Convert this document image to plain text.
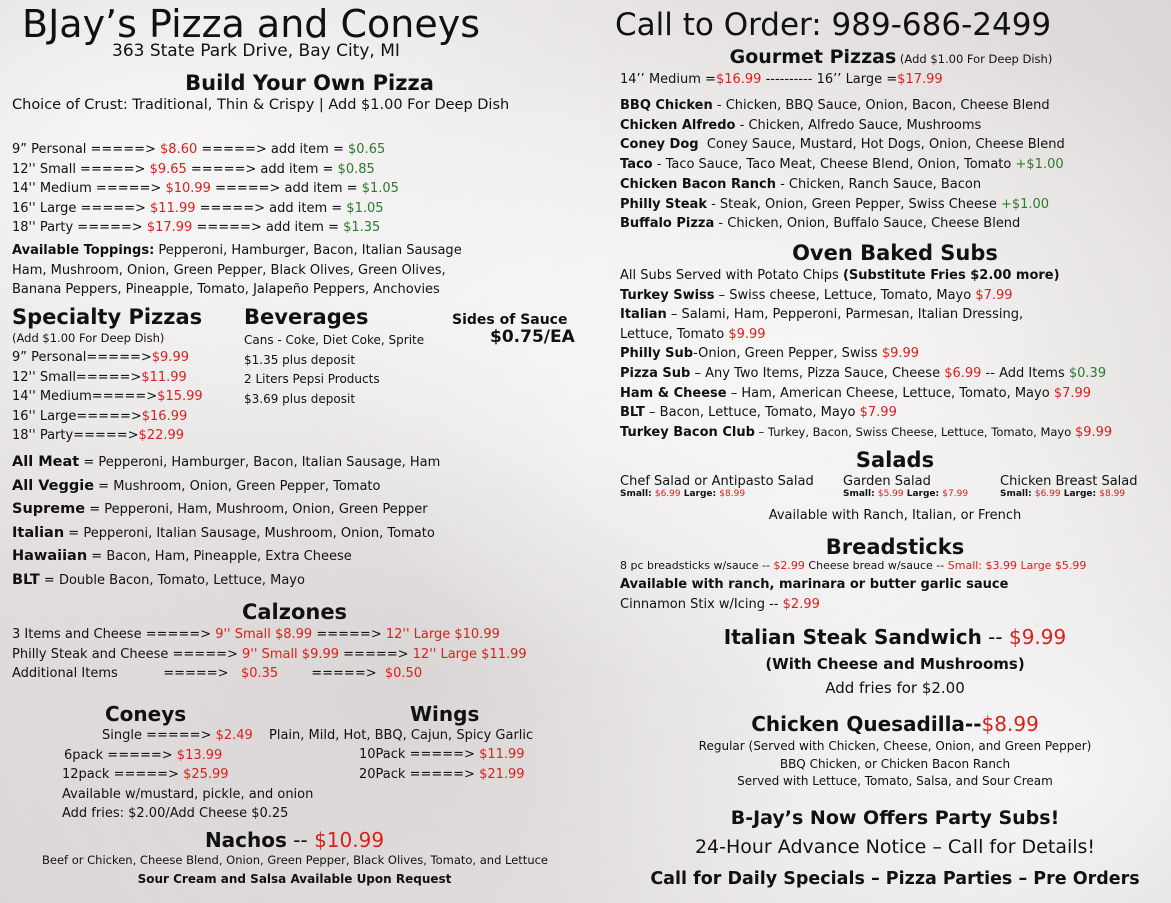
BJay’s Pizza and Coneys
363 State Park Drive, Bay City, MI
Build Your Own Pizza
Choice of Crust: Traditional, Thin & Crispy | Add $1.00 For Deep Dish
9” Personal =====> $8.60 =====> add item = $0.65
12'' Small =====> $9.65 =====> add item = $0.85
14'' Medium =====> $10.99 =====> add item = $1.05
16'' Large =====> $11.99 =====> add item = $1.05
18'' Party =====> $17.99 =====> add item = $1.35
Available Toppings: Pepperoni, Hamburger, Bacon, Italian Sausage
Ham, Mushroom, Onion, Green Pepper, Black Olives, Green Olives,
Banana Peppers, Pineapple, Tomato, Jalapeño Peppers, Anchovies
Specialty Pizzas
(Add $1.00 For Deep Dish)
9” Personal=====>$9.99
12'' Small=====>$11.99
14'' Medium=====>$15.99
16'' Large=====>$16.99
18'' Party=====>$22.99
Beverages
Cans - Coke, Diet Coke, Sprite
$1.35 plus deposit
2 Liters Pepsi Products
$3.69 plus deposit
Sides of Sauce
$0.75/EA
All Meat = Pepperoni, Hamburger, Bacon, Italian Sausage, Ham
All Veggie = Mushroom, Onion, Green Pepper, Tomato
Supreme = Pepperoni, Ham, Mushroom, Onion, Green Pepper
Italian = Pepperoni, Italian Sausage, Mushroom, Onion, Tomato
Hawaiian = Bacon, Ham, Pineapple, Extra Cheese
BLT = Double Bacon, Tomato, Lettuce, Mayo
Calzones
3 Items and Cheese =====> 9'' Small $8.99 =====> 12'' Large $10.99
Philly Steak and Cheese =====> 9'' Small $9.99 =====> 12'' Large $11.99
Additional Items           =====>   $0.35        =====>  $0.50
Coneys
Single =====> $2.49
6pack =====> $13.99
12pack =====> $25.99
Available w/mustard, pickle, and onion
Add fries: $2.00/Add Cheese $0.25
Wings
Plain, Mild, Hot, BBQ, Cajun, Spicy Garlic
10Pack =====> $11.99
20Pack =====> $21.99
Nachos -- $10.99
Beef or Chicken, Cheese Blend, Onion, Green Pepper, Black Olives, Tomato, and Lettuce
Sour Cream and Salsa Available Upon Request
Call to Order: 989-686-2499
Gourmet Pizzas (Add $1.00 For Deep Dish)
14’’ Medium =$16.99 ---------- 16’’ Large =$17.99
BBQ Chicken - Chicken, BBQ Sauce, Onion, Bacon, Cheese Blend
Chicken Alfredo - Chicken, Alfredo Sauce, Mushrooms
Coney Dog  Coney Sauce, Mustard, Hot Dogs, Onion, Cheese Blend
Taco - Taco Sauce, Taco Meat, Cheese Blend, Onion, Tomato +$1.00
Chicken Bacon Ranch - Chicken, Ranch Sauce, Bacon
Philly Steak - Steak, Onion, Green Pepper, Swiss Cheese +$1.00
Buffalo Pizza - Chicken, Onion, Buffalo Sauce, Cheese Blend
Oven Baked Subs
All Subs Served with Potato Chips (Substitute Fries $2.00 more)
Turkey Swiss – Swiss cheese, Lettuce, Tomato, Mayo $7.99
Italian – Salami, Ham, Pepperoni, Parmesan, Italian Dressing,
Lettuce, Tomato $9.99
Philly Sub-Onion, Green Pepper, Swiss $9.99
Pizza Sub – Any Two Items, Pizza Sauce, Cheese $6.99 -- Add Items $0.39
Ham & Cheese – Ham, American Cheese, Lettuce, Tomato, Mayo $7.99
BLT – Bacon, Lettuce, Tomato, Mayo $7.99
Turkey Bacon Club – Turkey, Bacon, Swiss Cheese, Lettuce, Tomato, Mayo $9.99
Salads
Chef Salad or Antipasto Salad
Small: $6.99 Large: $8.99
Garden Salad
Small: $5.99 Large: $7.99
Chicken Breast Salad
Small: $6.99 Large: $8.99
Available with Ranch, Italian, or French
Breadsticks
8 pc breadsticks w/sauce -- $2.99 Cheese bread w/sauce -- Small: $3.99 Large $5.99
Available with ranch, marinara or butter garlic sauce
Cinnamon Stix w/Icing -- $2.99
Italian Steak Sandwich -- $9.99
(With Cheese and Mushrooms)
Add fries for $2.00
Chicken Quesadilla--$8.99
Regular (Served with Chicken, Cheese, Onion, and Green Pepper)
BBQ Chicken, or Chicken Bacon Ranch
Served with Lettuce, Tomato, Salsa, and Sour Cream
B-Jay’s Now Offers Party Subs!
24-Hour Advance Notice – Call for Details!
Call for Daily Specials – Pizza Parties – Pre Orders
